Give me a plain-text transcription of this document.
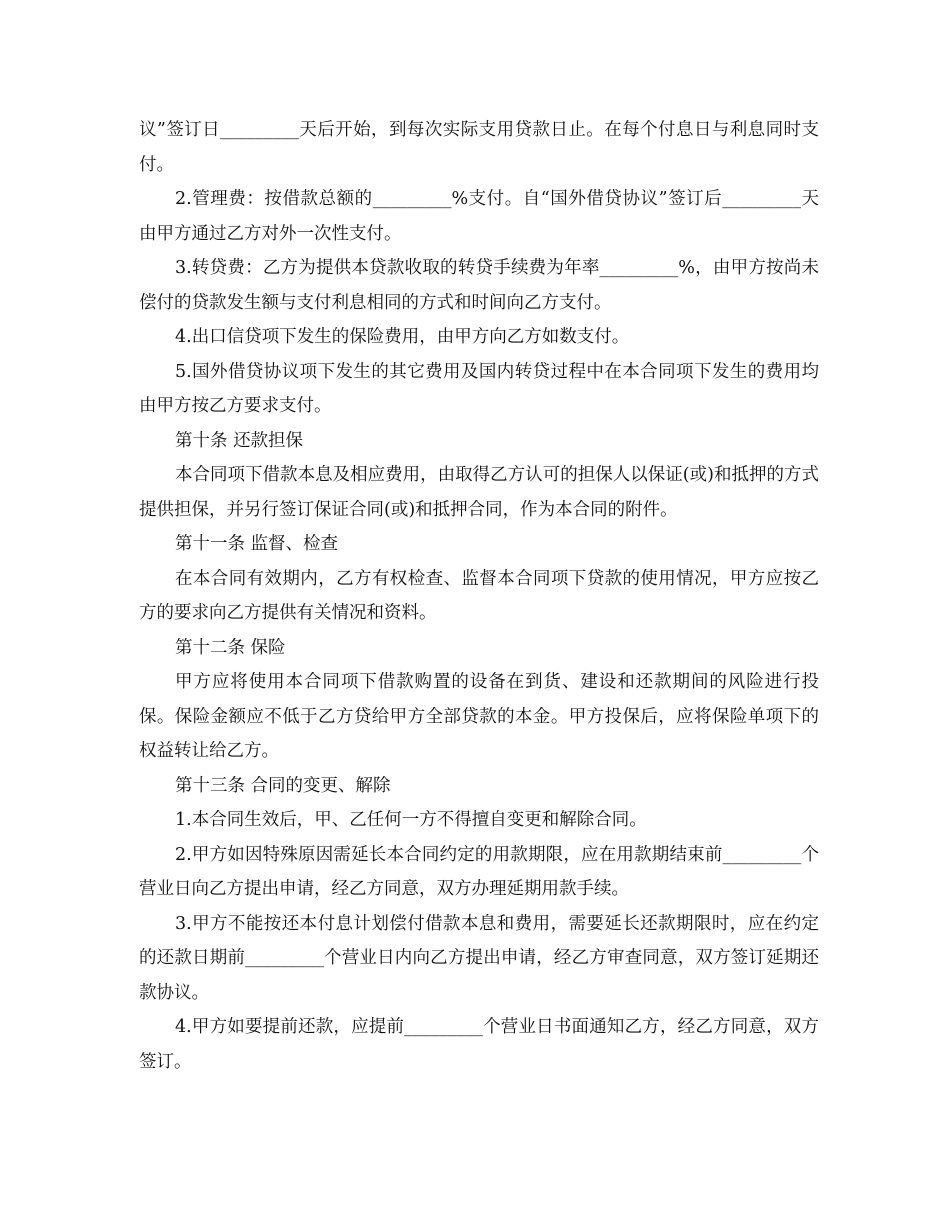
议”签订日_________天后开始，到每次实际支用贷款日止。在每个付息日与利息同时支付。

2.管理费：按借款总额的_________%支付。自“国外借贷协议”签订后_________天由甲方通过乙方对外一次性支付。

3.转贷费：乙方为提供本贷款收取的转贷手续费为年率_________%，由甲方按尚未偿付的贷款发生额与支付利息相同的方式和时间向乙方支付。

4.出口信贷项下发生的保险费用，由甲方向乙方如数支付。

5.国外借贷协议项下发生的其它费用及国内转贷过程中在本合同项下发生的费用均由甲方按乙方要求支付。

第十条 还款担保

本合同项下借款本息及相应费用，由取得乙方认可的担保人以保证(或)和抵押的方式提供担保，并另行签订保证合同(或)和抵押合同，作为本合同的附件。

第十一条 监督、检查

在本合同有效期内，乙方有权检查、监督本合同项下贷款的使用情况，甲方应按乙方的要求向乙方提供有关情况和资料。

第十二条 保险

甲方应将使用本合同项下借款购置的设备在到货、建设和还款期间的风险进行投保。保险金额应不低于乙方贷给甲方全部贷款的本金。甲方投保后，应将保险单项下的权益转让给乙方。

第十三条 合同的变更、解除

1.本合同生效后，甲、乙任何一方不得擅自变更和解除合同。

2.甲方如因特殊原因需延长本合同约定的用款期限，应在用款期结束前_________个营业日向乙方提出申请，经乙方同意，双方办理延期用款手续。

3.甲方不能按还本付息计划偿付借款本息和费用，需要延长还款期限时，应在约定的还款日期前_________个营业日内向乙方提出申请，经乙方审查同意，双方签订延期还款协议。

4.甲方如要提前还款，应提前_________个营业日书面通知乙方，经乙方同意，双方签订。
